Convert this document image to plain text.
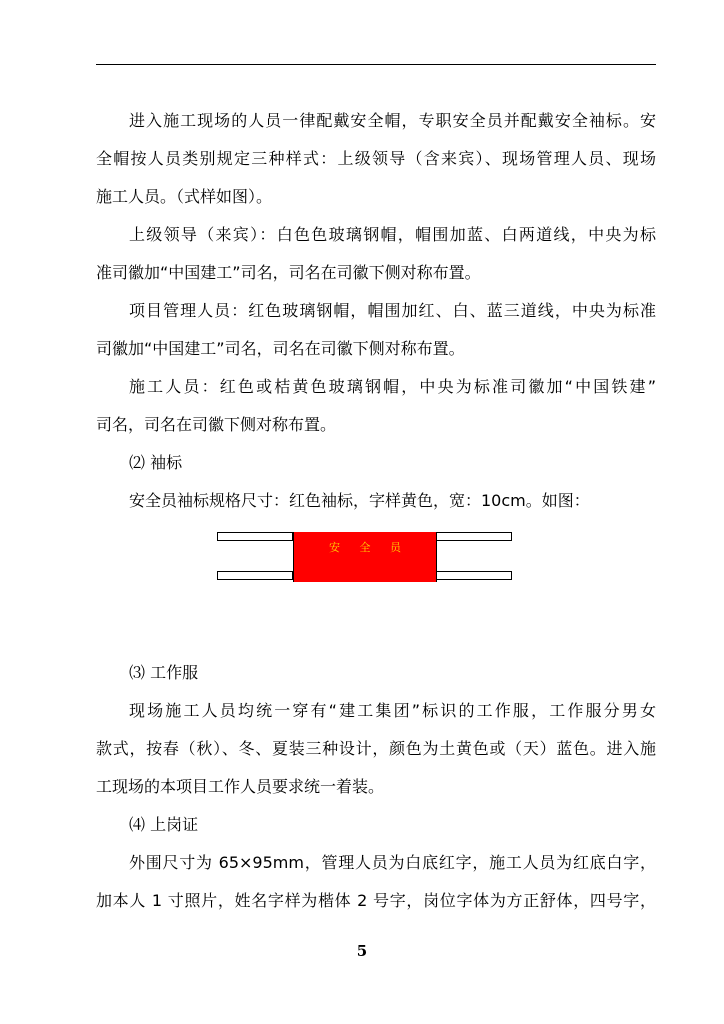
进入施工现场的人员一律配戴安全帽，专职安全员并配戴安全袖标。安
全帽按人员类别规定三种样式：上级领导（含来宾）、现场管理人员、现场
施工人员。（式样如图）。
上级领导（来宾）：白色色玻璃钢帽，帽围加蓝、白两道线，中央为标
准司徽加“中国建工”司名，司名在司徽下侧对称布置。
项目管理人员：红色玻璃钢帽，帽围加红、白、蓝三道线，中央为标准
司徽加“中国建工”司名，司名在司徽下侧对称布置。
施工人员：红色或桔黄色玻璃钢帽，中央为标准司徽加“中国铁建”
司名，司名在司徽下侧对称布置。
⑵ 袖标
安全员袖标规格尺寸：红色袖标，字样黄色，宽：10cm。如图：
安 全 员
⑶ 工作服
现场施工人员均统一穿有“建工集团”标识的工作服，工作服分男女
款式，按春（秋）、冬、夏装三种设计，颜色为土黄色或（天）蓝色。进入施
工现场的本项目工作人员要求统一着装。
⑷ 上岗证
外围尺寸为 65×95mm，管理人员为白底红字，施工人员为红底白字，
加本人 1 寸照片，姓名字样为楷体 2 号字，岗位字体为方正舒体，四号字，
5
